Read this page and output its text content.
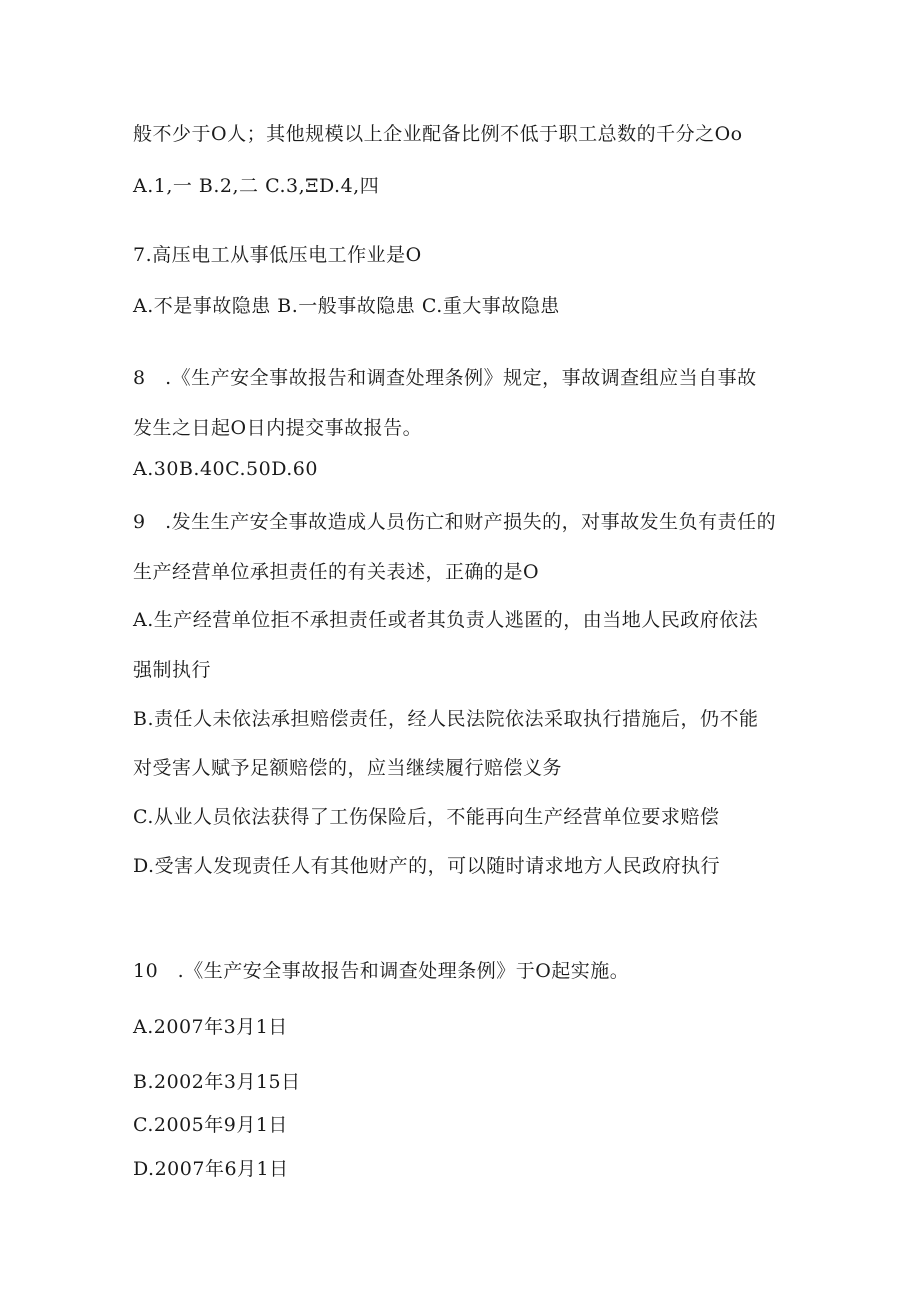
般不少于O人；其他规模以上企业配备比例不低于职工总数的千分之Oo
A.1,一 B.2,二 C.3,ΞD.4,四
7.高压电工从事低压电工作业是O
A.不是事故隐患 B.一般事故隐患 C.重大事故隐患
8　.《生产安全事故报告和调查处理条例》规定，事故调查组应当自事故
发生之日起O日内提交事故报告。
A.30B.40C.50D.60
9　.发生生产安全事故造成人员伤亡和财产损失的，对事故发生负有责任的
生产经营单位承担责任的有关表述，正确的是O
A.生产经营单位拒不承担责任或者其负责人逃匿的，由当地人民政府依法
强制执行
B.责任人未依法承担赔偿责任，经人民法院依法采取执行措施后，仍不能
对受害人赋予足额赔偿的，应当继续履行赔偿义务
C.从业人员依法获得了工伤保险后，不能再向生产经营单位要求赔偿
D.受害人发现责任人有其他财产的，可以随时请求地方人民政府执行
10　.《生产安全事故报告和调查处理条例》于O起实施。
A.2007年3月1日
B.2002年3月15日
C.2005年9月1日
D.2007年6月1日
